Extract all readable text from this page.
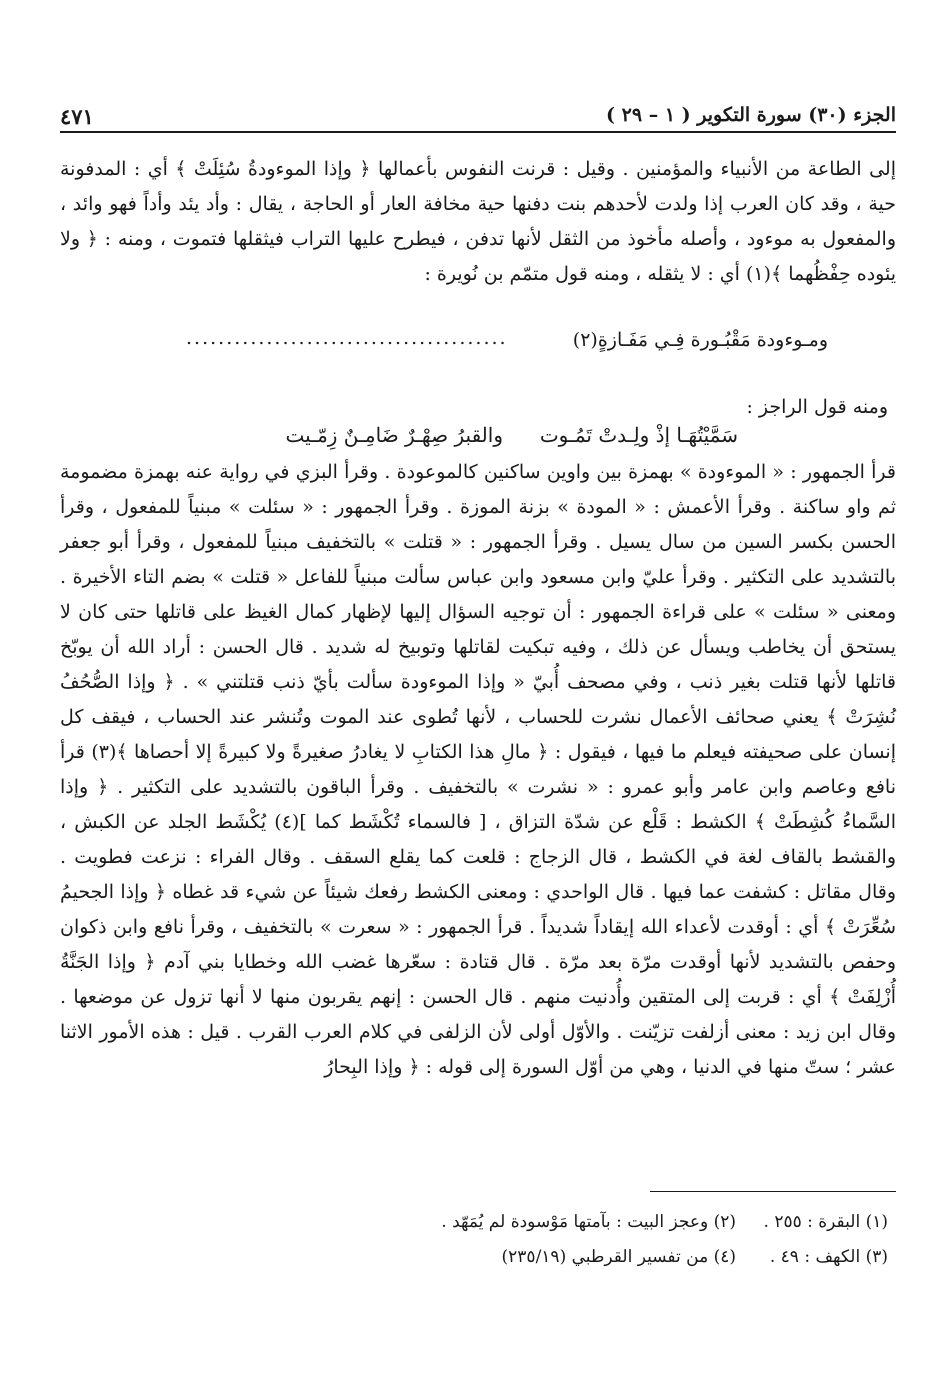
الجزء (٣٠) سورة التكوير ( ١ – ٢٩ )
٤٧١

إلى الطاعة من الأنبياء والمؤمنين . وقيل : قرنت النفوس بأعمالها ﴿ وإذا الموءودةُ سُئِلَتْ ﴾ أي : المدفونة حية ، وقد كان العرب إذا ولدت لأحدهم بنت دفنها حية مخافة العار أو الحاجة ، يقال : وأد يئد وأداً فهو وائد ، والمفعول به موءود ، وأصله مأخوذ من الثقل لأنها تدفن ، فيطرح عليها التراب فيثقلها فتموت ، ومنه : ﴿ ولا يئوده حِفْظُهما ﴾(١) أي : لا يثقله ، ومنه قول متمّم بن نُويرة :

ومـوءودة مَقْبُـورة فِـي مَفَـازةٍ(٢)
........................................
ومنه قول الراجز :
سَمَّيْتُهَـا إذْ ولِـدتْ تَمُـوت
والقبرُ صِهْـرٌ ضَامِـنٌ زِمّـيت

قرأ الجمهور : « الموءودة » بهمزة بين واوين ساكنين كالموعودة . وقرأ البزي في رواية عنه بهمزة مضمومة ثم واو ساكنة . وقرأ الأعمش : « المودة » بزنة الموزة . وقرأ الجمهور : « سئلت » مبنياً للمفعول ، وقرأ الحسن بكسر السين من سال يسيل . وقرأ الجمهور : « قتلت » بالتخفيف مبنياً للمفعول ، وقرأ أبو جعفر بالتشديد على التكثير . وقرأ عليّ وابن مسعود وابن عباس سألت مبنياً للفاعل « قتلت » بضم التاء الأخيرة . ومعنى « سئلت » على قراءة الجمهور : أن توجيه السؤال إليها لإظهار كمال الغيظ على قاتلها حتى كان لا يستحق أن يخاطب ويسأل عن ذلك ، وفيه تبكيت لقاتلها وتوبيخ له شديد . قال الحسن : أراد الله أن يوبّخ قاتلها لأنها قتلت بغير ذنب ، وفي مصحف أُبيّ « وإذا الموءودة سألت بأيّ ذنب قتلتني » . ﴿ وإذا الصُّحُفُ نُشِرَتْ ﴾ يعني صحائف الأعمال نشرت للحساب ، لأنها تُطوى عند الموت وتُنشر عند الحساب ، فيقف كل إنسان على صحيفته فيعلم ما فيها ، فيقول : ﴿ مالِ هذا الكتابِ لا يغادرُ صغيرةً ولا كبيرةً إلا أحصاها ﴾(٣) قرأ نافع وعاصم وابن عامر وأبو عمرو : « نشرت » بالتخفيف . وقرأ الباقون بالتشديد على التكثير . ﴿ وإذا السَّماءُ كُشِطَتْ ﴾ الكشط : قَلْع عن شدّة التزاق ، [ فالسماء تُكْشَط كما ](٤) يُكْشَط الجلد عن الكبش ، والقشط بالقاف لغة في الكشط ، قال الزجاج : قلعت كما يقلع السقف . وقال الفراء : نزعت فطويت . وقال مقاتل : كشفت عما فيها . قال الواحدي : ومعنى الكشط رفعك شيئاً عن شيء قد غطاه ﴿ وإذا الجحيمُ سُعِّرَتْ ﴾ أي : أوقدت لأعداء الله إيقاداً شديداً . قرأ الجمهور : « سعرت » بالتخفيف ، وقرأ نافع وابن ذكوان وحفص بالتشديد لأنها أوقدت مرّة بعد مرّة . قال قتادة : سعّرها غضب الله وخطايا بني آدم ﴿ وإذا الجَنَّةُ أُزْلِفَتْ ﴾ أي : قربت إلى المتقين وأُدنيت منهم . قال الحسن : إنهم يقربون منها لا أنها تزول عن موضعها . وقال ابن زيد : معنى أزلفت تزيّنت . والأوّل أولى لأن الزلفى في كلام العرب القرب . قيل : هذه الأمور الاثنا عشر ؛ ستّ منها في الدنيا ، وهي من أوّل السورة إلى قوله : ﴿ وإذا البِحارُ

(١) البقرة : ٢٥٥ .
(٢) وعجز البيت : بآمتها مَوْسودة لم يُمَهّد .
(٣) الكهف : ٤٩ .
(٤) من تفسير القرطبي (٢٣٥/١٩)
